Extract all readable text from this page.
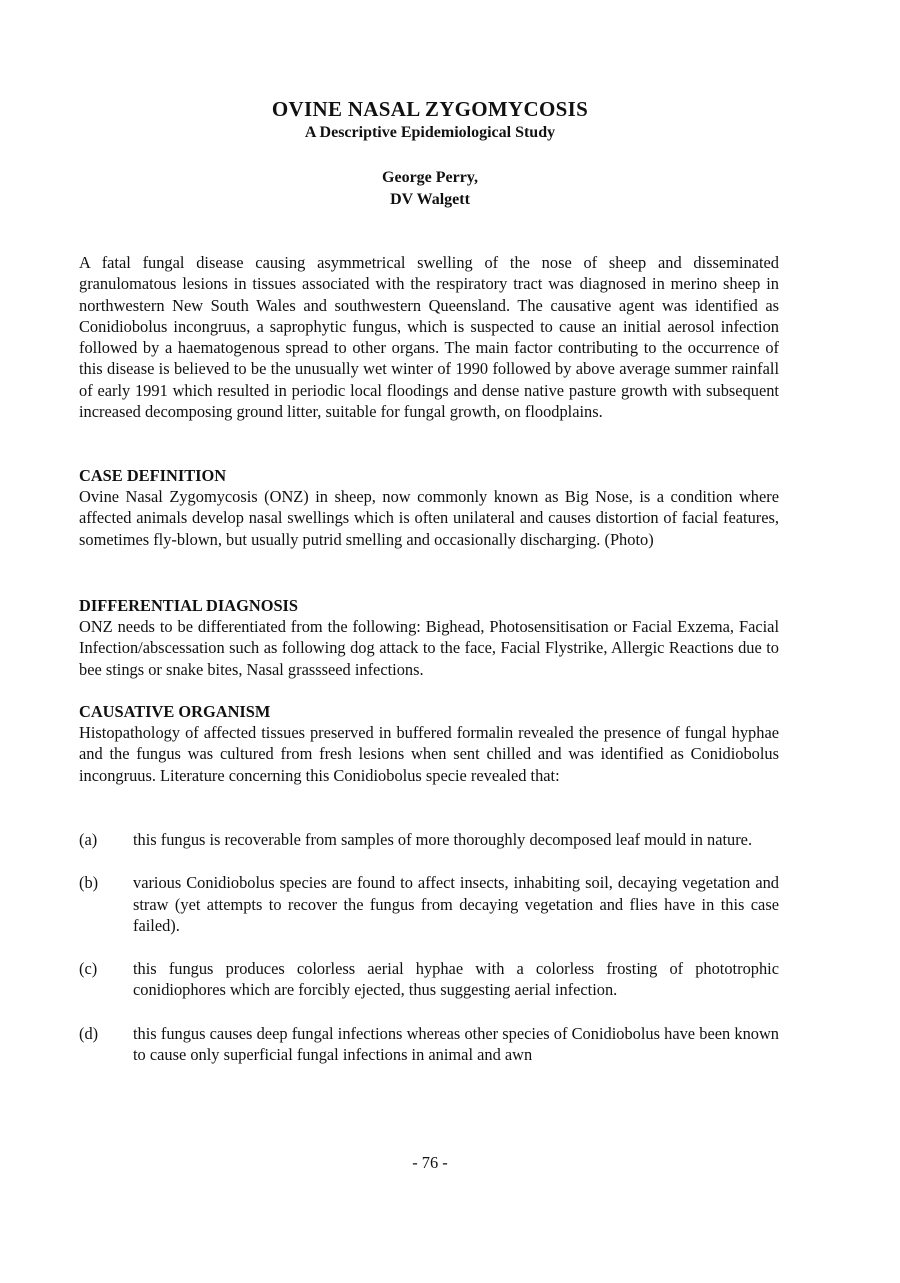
OVINE NASAL ZYGOMYCOSIS
A Descriptive Epidemiological Study
George Perry,
DV Walgett

A fatal fungal disease causing asymmetrical swelling of the nose of sheep and disseminated granulomatous lesions in tissues associated with the respiratory tract was diagnosed in merino sheep in northwestern New South Wales and southwestern Queensland. The causative agent was identified as Conidiobolus incongruus, a saprophytic fungus, which is suspected to cause an initial aerosol infection followed by a haematogenous spread to other organs. The main factor contributing to the occurrence of this disease is believed to be the unusually wet winter of 1990 followed by above average summer rainfall of early 1991 which resulted in periodic local floodings and dense native pasture growth with subsequent increased decomposing ground litter, suitable for fungal growth, on floodplains.

CASE DEFINITION

Ovine Nasal Zygomycosis (ONZ) in sheep, now commonly known as Big Nose, is a condition where affected animals develop nasal swellings which is often unilateral and causes distortion of facial features, sometimes fly-blown, but usually putrid smelling and occasionally discharging. (Photo)

DIFFERENTIAL DIAGNOSIS

ONZ needs to be differentiated from the following: Bighead, Photosensitisation or Facial Exzema, Facial Infection/abscessation such as following dog attack to the face, Facial Flystrike, Allergic Reactions due to bee stings or snake bites, Nasal grassseed infections.

CAUSATIVE ORGANISM

Histopathology of affected tissues preserved in buffered formalin revealed the presence of fungal hyphae and the fungus was cultured from fresh lesions when sent chilled and was identified as Conidiobolus incongruus. Literature concerning this Conidiobolus specie revealed that:

(a) this fungus is recoverable from samples of more thoroughly decomposed leaf mould in nature.
(b) various Conidiobolus species are found to affect insects, inhabiting soil, decaying vegetation and straw (yet attempts to recover the fungus from decaying vegetation and flies have in this case failed).
(c) this fungus produces colorless aerial hyphae with a colorless frosting of phototrophic conidiophores which are forcibly ejected, thus suggesting aerial infection.
(d) this fungus causes deep fungal infections whereas other species of Conidiobolus have been known to cause only superficial fungal infections in animal and awn
- 76 -
